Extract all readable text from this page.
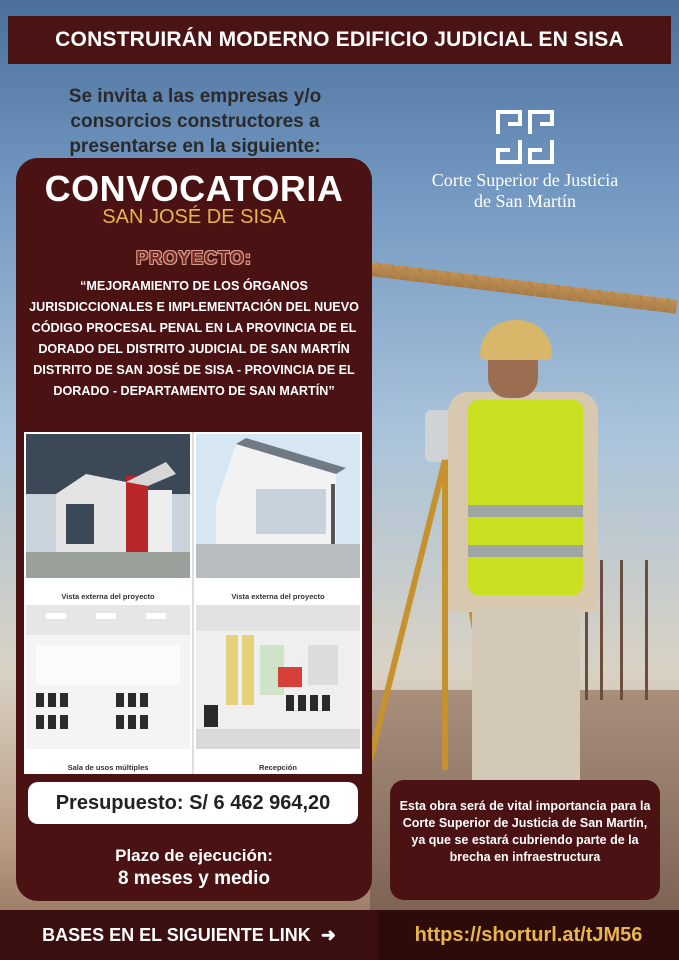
CONSTRUIRÁN MODERNO EDIFICIO JUDICIAL EN SISA
Se invita a las empresas y/o consorcios constructores a presentarse en la siguiente:
Corte Superior de Justicia
de San Martín
CONVOCATORIA
SAN JOSÉ DE SISA
PROYECTO:
“MEJORAMIENTO DE LOS ÓRGANOS JURISDICCIONALES E IMPLEMENTACIÓN DEL NUEVO CÓDIGO PROCESAL PENAL EN LA PROVINCIA DE EL DORADO DEL DISTRITO JUDICIAL DE SAN MARTÍN DISTRITO DE SAN JOSÉ DE SISA - PROVINCIA DE EL DORADO - DEPARTAMENTO DE SAN MARTÍN”
Vista externa del proyecto	Vista externa del proyecto
Sala de usos múltiples	Recepción
Presupuesto: S/ 6 462 964,20
Plazo de ejecución:
8 meses y medio
Esta obra será de vital importancia para la Corte Superior de Justicia de San Martín, ya que se estará cubriendo parte de la brecha en infraestructura
BASES EN EL SIGUIENTE LINK ➜	https://shorturl.at/tJM56
